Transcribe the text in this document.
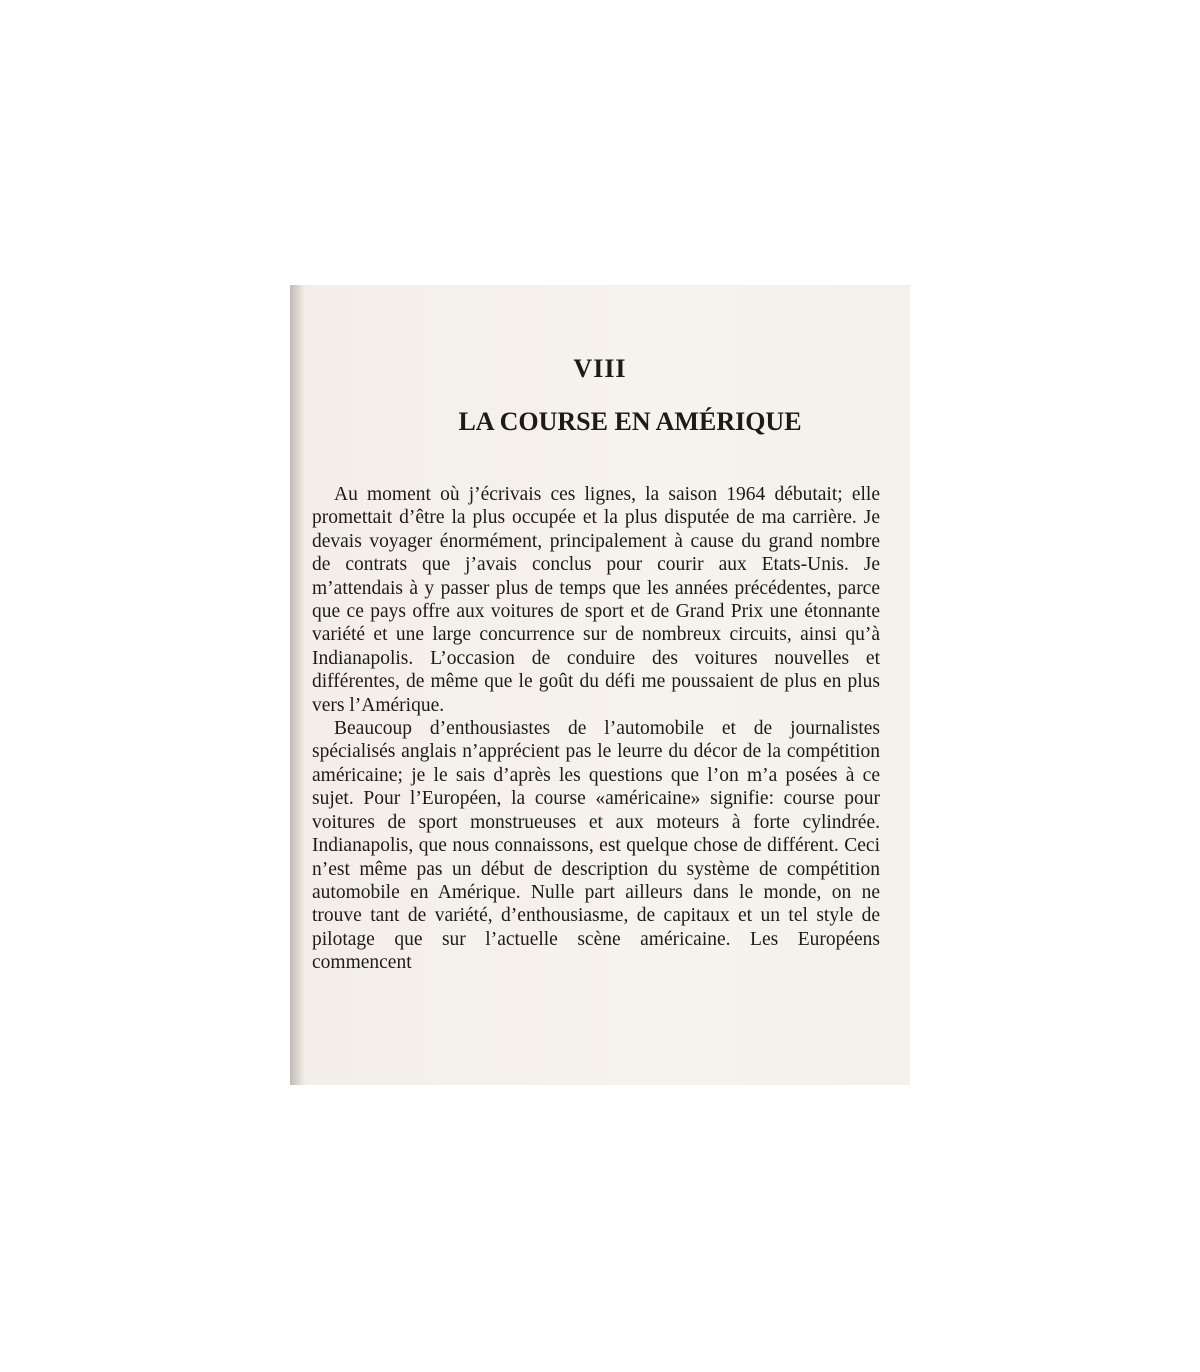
VIII
LA COURSE EN AMÉRIQUE

Au moment où j’écrivais ces lignes, la saison 1964 débutait; elle promettait d’être la plus occupée et la plus disputée de ma carrière. Je devais voyager énormément, principalement à cause du grand nombre de contrats que j’avais conclus pour courir aux Etats-Unis. Je m’attendais à y passer plus de temps que les années précédentes, parce que ce pays offre aux voitures de sport et de Grand Prix une étonnante variété et une large concurrence sur de nombreux circuits, ainsi qu’à Indianapolis. L’occasion de conduire des voitures nouvelles et différentes, de même que le goût du défi me poussaient de plus en plus vers l’Amérique.

Beaucoup d’enthousiastes de l’automobile et de journalistes spécialisés anglais n’apprécient pas le leurre du décor de la compétition américaine; je le sais d’après les questions que l’on m’a posées à ce sujet. Pour l’Européen, la course «américaine» signifie: course pour voitures de sport monstrueuses et aux moteurs à forte cylindrée. Indianapolis, que nous connaissons, est quelque chose de différent. Ceci n’est même pas un début de description du système de compétition automobile en Amérique. Nulle part ailleurs dans le monde, on ne trouve tant de variété, d’enthousiasme, de capitaux et un tel style de pilotage que sur l’actuelle scène américaine. Les Européens commencent
